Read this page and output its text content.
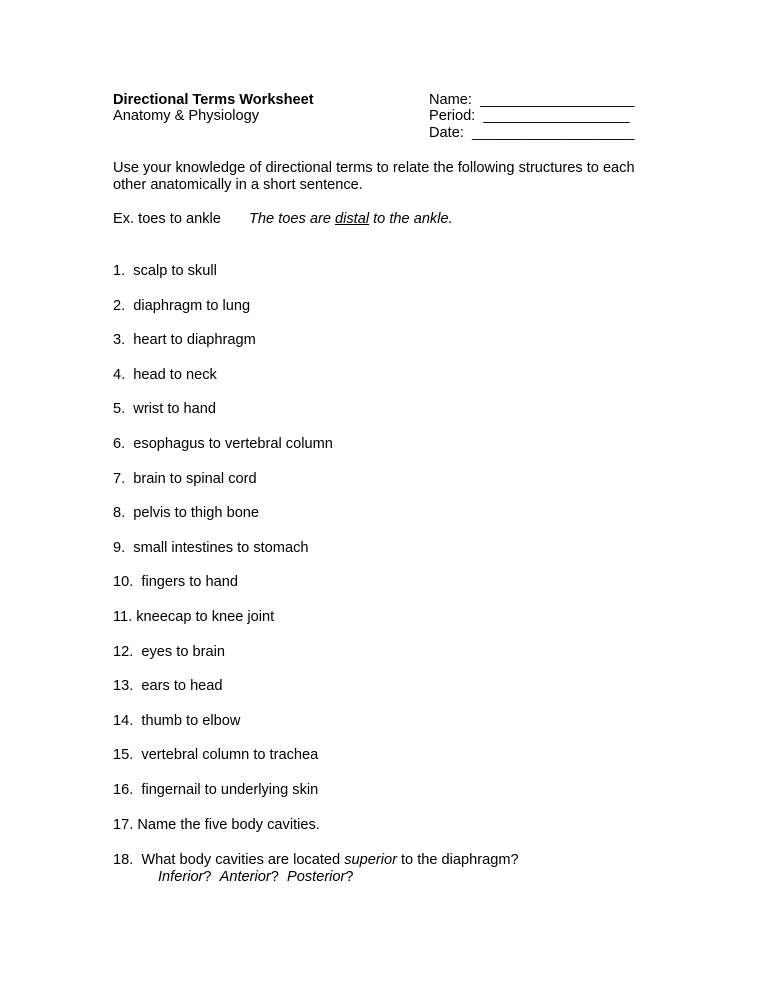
Directional Terms Worksheet
Anatomy & Physiology
Name: ___________________
Period: __________________
Date: ____________________
Use your knowledge of directional terms to relate the following structures to each
other anatomically in a short sentence.
Ex. toes to ankle The toes are distal to the ankle.
1.  scalp to skull
2.  diaphragm to lung
3.  heart to diaphragm
4.  head to neck
5.  wrist to hand
6.  esophagus to vertebral column
7.  brain to spinal cord
8.  pelvis to thigh bone
9.  small intestines to stomach
10.  fingers to hand
11. kneecap to knee joint
12.  eyes to brain
13.  ears to head
14.  thumb to elbow
15.  vertebral column to trachea
16.  fingernail to underlying skin
17. Name the five body cavities.
18.  What body cavities are located superior to the diaphragm?
Inferior?  Anterior?  Posterior?
